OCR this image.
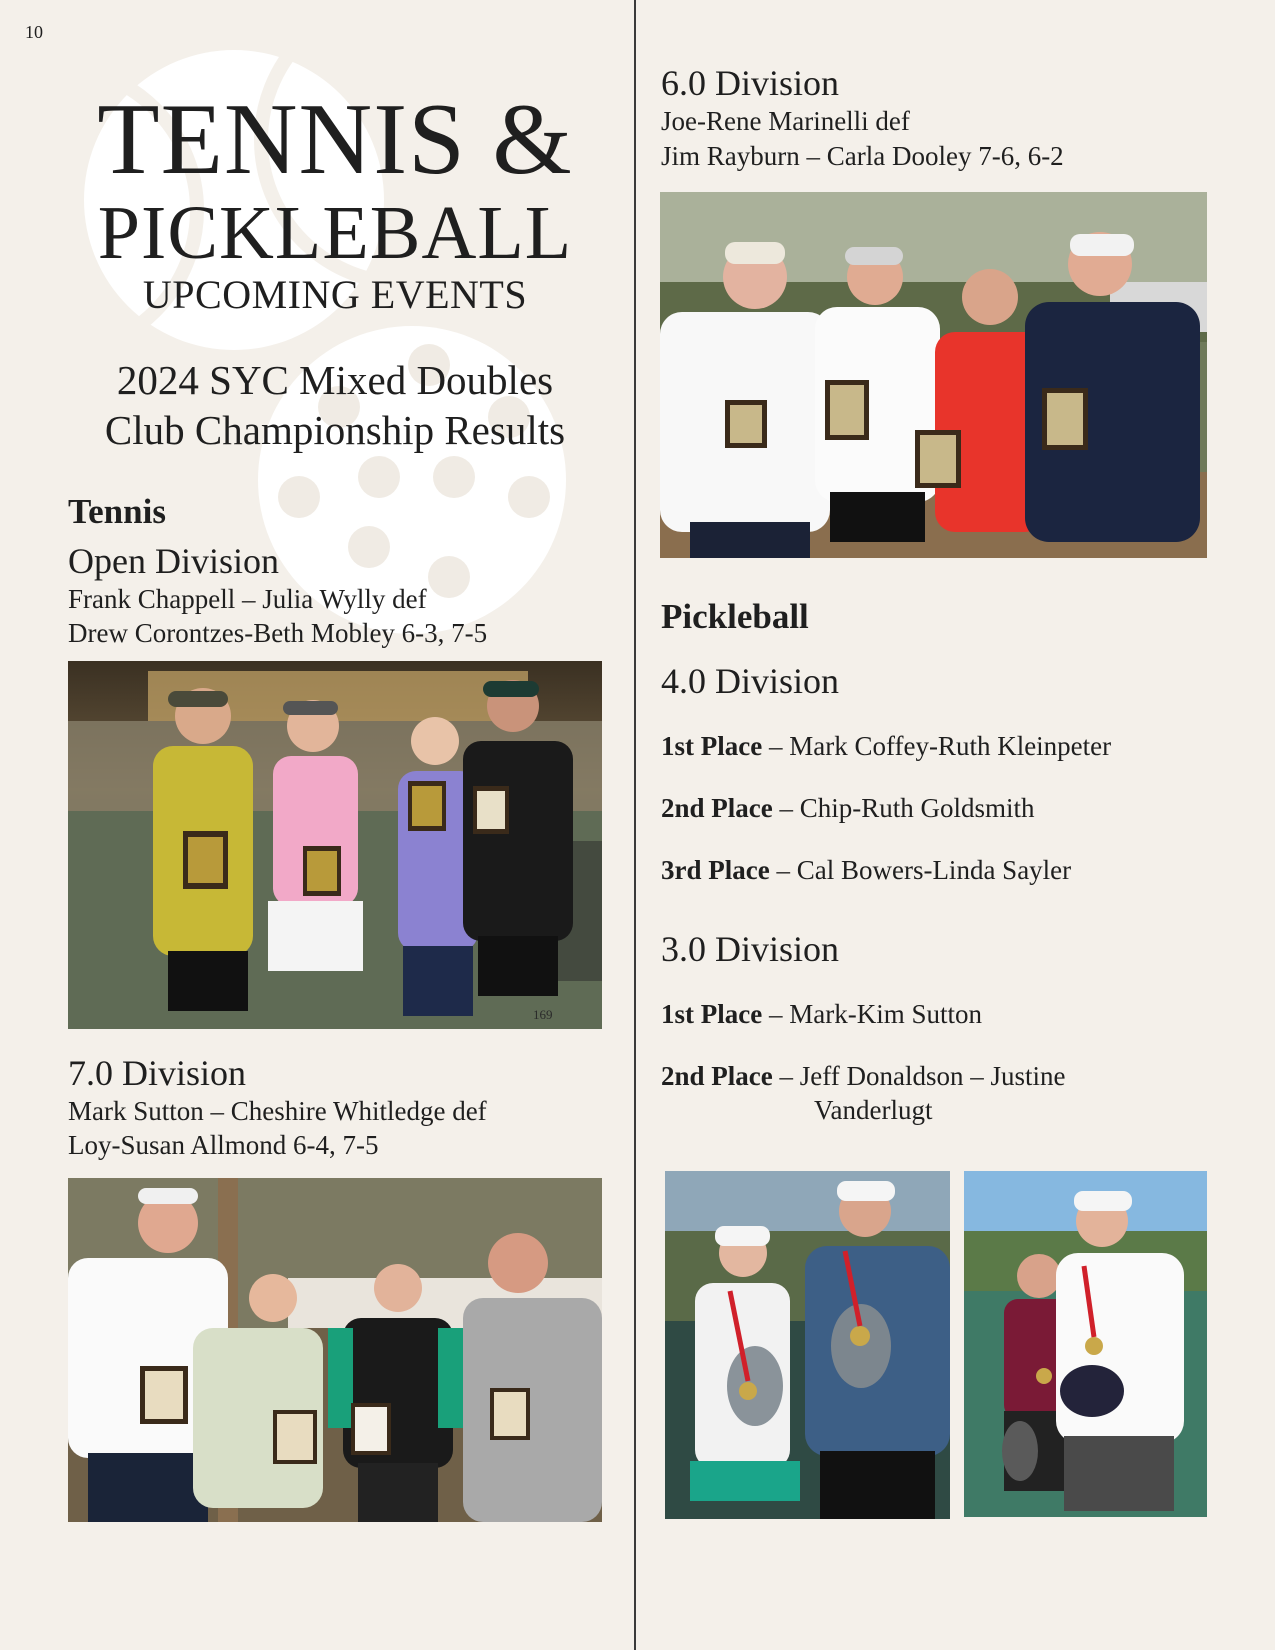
10
TENNIS &
PICKLEBALL
UPCOMING EVENTS
2024 SYC Mixed Doubles
Club Championship Results
Tennis
Open Division
Frank Chappell – Julia Wylly def
Drew Corontzes-Beth Mobley 6-3, 7-5
169
7.0 Division
Mark Sutton – Cheshire Whitledge def
Loy-Susan Allmond 6-4, 7-5
6.0 Division
Joe-Rene Marinelli def
Jim Rayburn – Carla Dooley 7-6, 6-2
Pickleball
4.0 Division
1st Place – Mark Coffey-Ruth Kleinpeter
2nd Place – Chip-Ruth Goldsmith
3rd Place – Cal Bowers-Linda Sayler
3.0 Division
1st Place – Mark-Kim Sutton
2nd Place – Jeff Donaldson – Justine
Vanderlugt
